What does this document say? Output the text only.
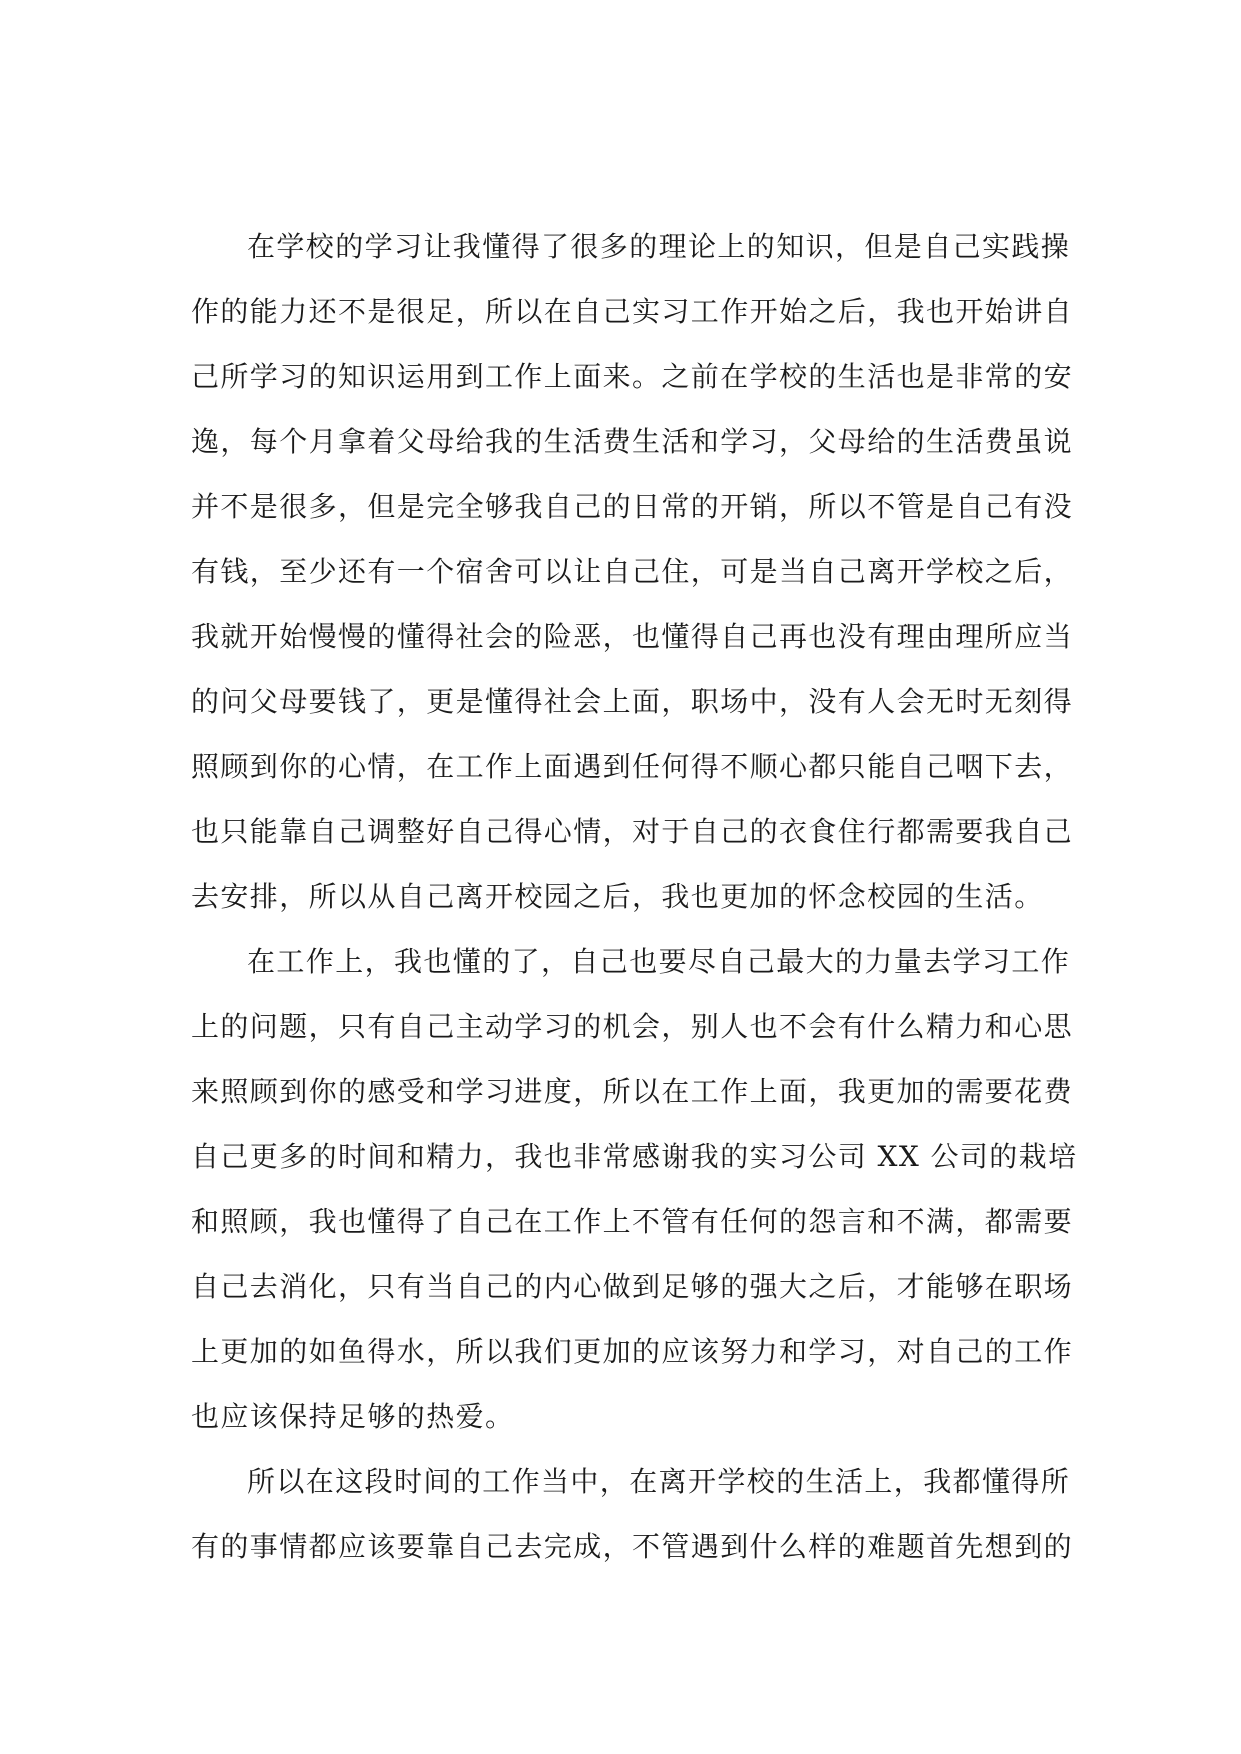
在学校的学习让我懂得了很多的理论上的知识，但是自己实践操
作的能力还不是很足，所以在自己实习工作开始之后，我也开始讲自
己所学习的知识运用到工作上面来。之前在学校的生活也是非常的安
逸，每个月拿着父母给我的生活费生活和学习，父母给的生活费虽说
并不是很多，但是完全够我自己的日常的开销，所以不管是自己有没
有钱，至少还有一个宿舍可以让自己住，可是当自己离开学校之后，
我就开始慢慢的懂得社会的险恶，也懂得自己再也没有理由理所应当
的问父母要钱了，更是懂得社会上面，职场中，没有人会无时无刻得
照顾到你的心情，在工作上面遇到任何得不顺心都只能自己咽下去，
也只能靠自己调整好自己得心情，对于自己的衣食住行都需要我自己
去安排，所以从自己离开校园之后，我也更加的怀念校园的生活。
在工作上，我也懂的了，自己也要尽自己最大的力量去学习工作
上的问题，只有自己主动学习的机会，别人也不会有什么精力和心思
来照顾到你的感受和学习进度，所以在工作上面，我更加的需要花费
自己更多的时间和精力，我也非常感谢我的实习公司 XX 公司的栽培
和照顾，我也懂得了自己在工作上不管有任何的怨言和不满，都需要
自己去消化，只有当自己的内心做到足够的强大之后，才能够在职场
上更加的如鱼得水，所以我们更加的应该努力和学习，对自己的工作
也应该保持足够的热爱。
所以在这段时间的工作当中，在离开学校的生活上，我都懂得所
有的事情都应该要靠自己去完成，不管遇到什么样的难题首先想到的
